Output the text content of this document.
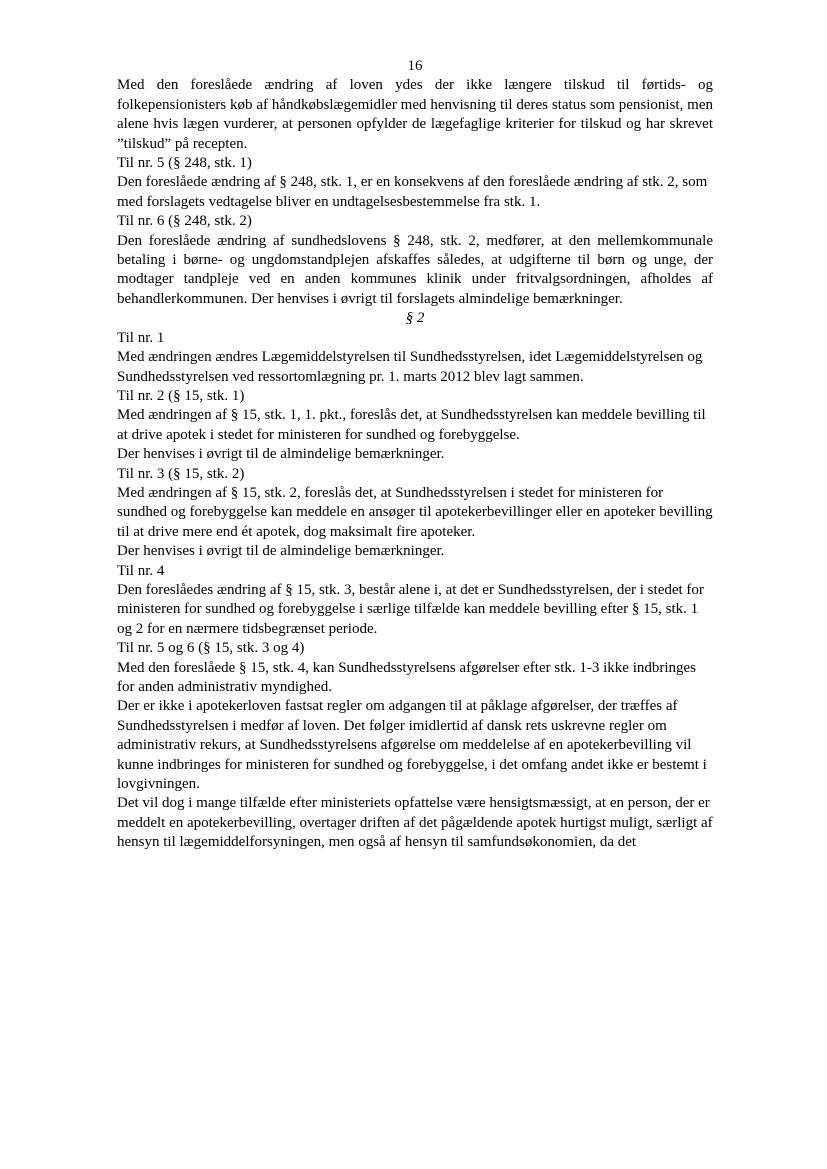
16

Med den foreslåede ændring af loven ydes der ikke længere tilskud til førtids- og folkepensionisters køb af håndkøbslægemidler med henvisning til deres status som pensionist, men alene hvis lægen vurderer, at personen opfylder de lægefaglige kriterier for tilskud og har skrevet ”tilskud” på recepten.

Til nr. 5 (§ 248, stk. 1)

Den foreslåede ændring af § 248, stk. 1, er en konsekvens af den foreslåede ændring af stk. 2, som med forslagets vedtagelse bliver en undtagelsesbestemmelse fra stk. 1.

Til nr. 6 (§ 248, stk. 2)

Den foreslåede ændring af sundhedslovens § 248, stk. 2, medfører, at den mellemkommunale betaling i børne- og ungdomstandplejen afskaffes således, at udgifterne til børn og unge, der modtager tandpleje ved en anden kommunes klinik under fritvalgsordningen, afholdes af behandlerkommunen. Der henvises i øvrigt til forslagets almindelige bemærkninger.

§ 2

Til nr. 1

Med ændringen ændres Lægemiddelstyrelsen til Sundhedsstyrelsen, idet Lægemiddelstyrelsen og Sundhedsstyrelsen ved ressortomlægning pr. 1. marts 2012 blev lagt sammen.

Til nr. 2 (§ 15, stk. 1)

Med ændringen af § 15, stk. 1, 1. pkt., foreslås det, at Sundhedsstyrelsen kan meddele bevilling til at drive apotek i stedet for ministeren for sundhed og forebyggelse.

Der henvises i øvrigt til de almindelige bemærkninger.

Til nr. 3 (§ 15, stk. 2)

Med ændringen af § 15, stk. 2, foreslås det, at Sundhedsstyrelsen i stedet for ministeren for sundhed og forebyggelse kan meddele en ansøger til apotekerbevillinger eller en apoteker bevilling til at drive mere end ét apotek, dog maksimalt fire apoteker.

Der henvises i øvrigt til de almindelige bemærkninger.

Til nr. 4

Den foreslåedes ændring af § 15, stk. 3, består alene i, at det er Sundhedsstyrelsen, der i stedet for ministeren for sundhed og forebyggelse i særlige tilfælde kan meddele bevilling efter § 15, stk. 1 og 2 for en nærmere tidsbegrænset periode.

Til nr. 5 og 6 (§ 15, stk. 3 og 4)

Med den foreslåede § 15, stk. 4, kan Sundhedsstyrelsens afgørelser efter stk. 1-3 ikke indbringes for anden administrativ myndighed.

Der er ikke i apotekerloven fastsat regler om adgangen til at påklage afgørelser, der træffes af Sundhedsstyrelsen i medfør af loven. Det følger imidlertid af dansk rets uskrevne regler om administrativ rekurs, at Sundhedsstyrelsens afgørelse om meddelelse af en apotekerbevilling vil kunne indbringes for ministeren for sundhed og forebyggelse, i det omfang andet ikke er bestemt i lovgivningen.

Det vil dog i mange tilfælde efter ministeriets opfattelse være hensigtsmæssigt, at en person, der er meddelt en apotekerbevilling, overtager driften af det pågældende apotek hurtigst muligt, særligt af hensyn til lægemiddelforsyningen, men også af hensyn til samfundsøkonomien, da det
